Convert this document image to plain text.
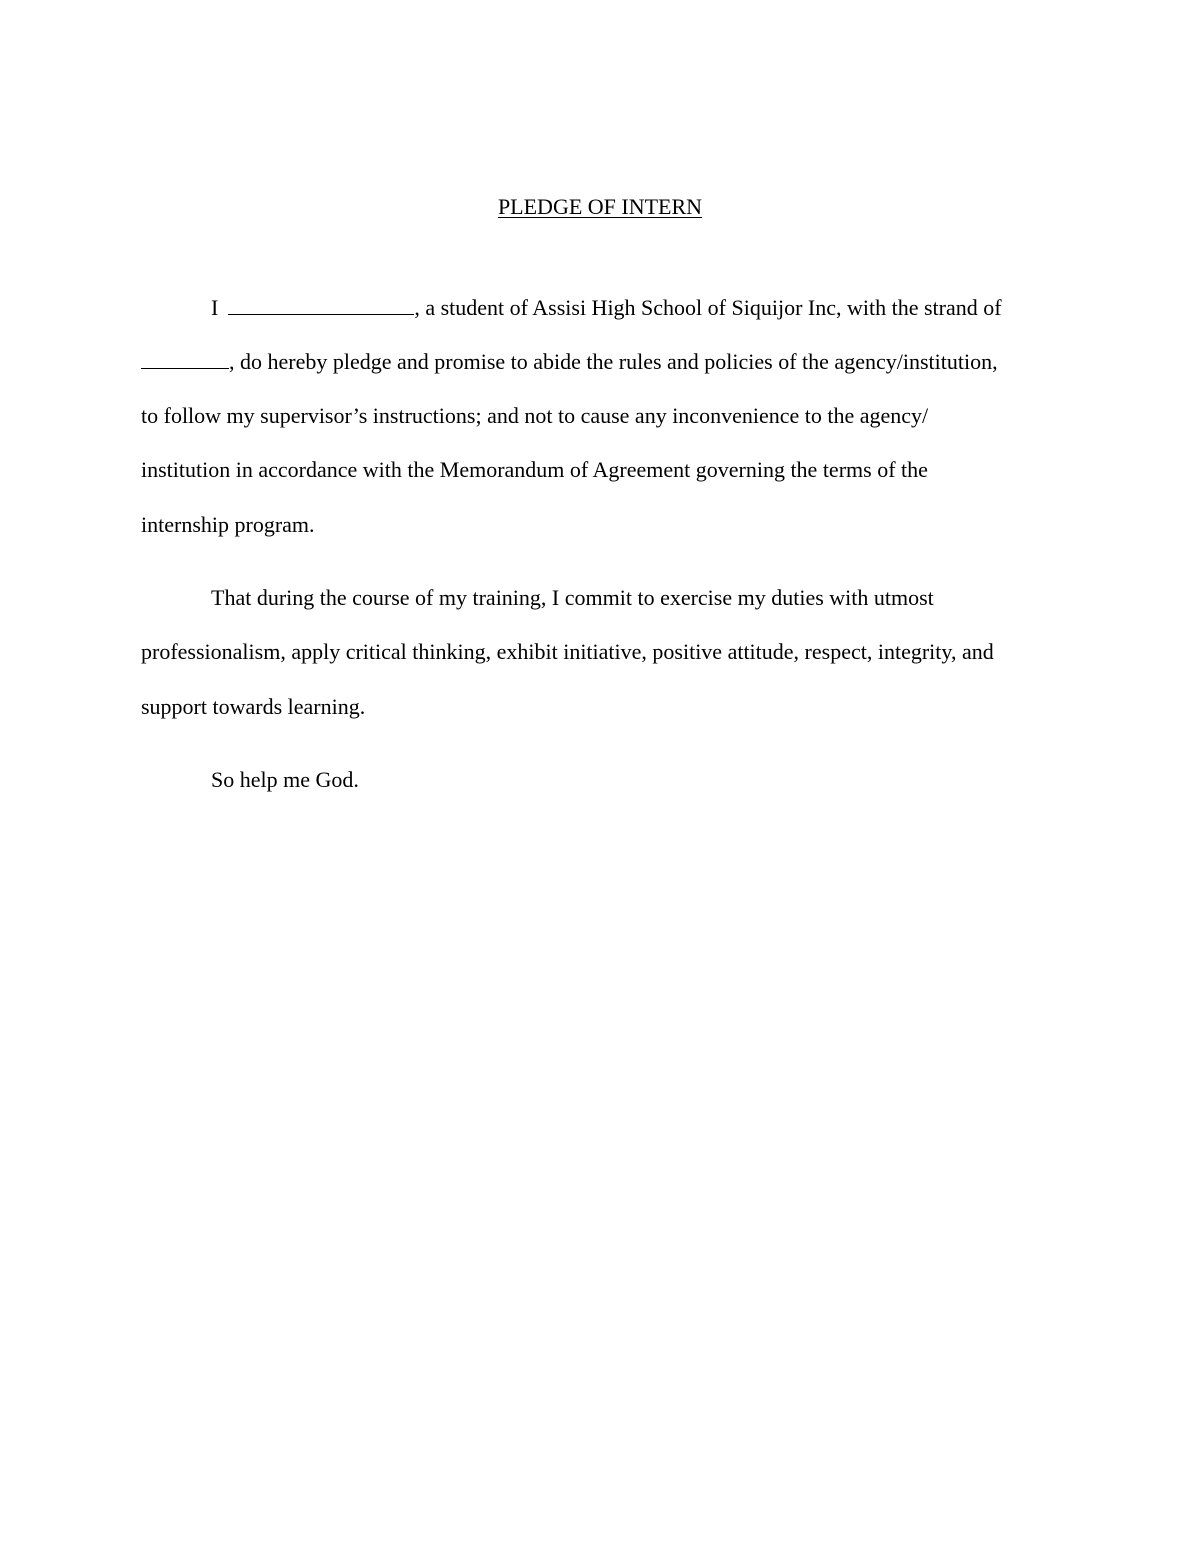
PLEDGE OF INTERN
I	, a student of Assisi High School of Siquijor Inc, with the strand of
, do hereby pledge and promise to abide the rules and policies of the agency/institution,
to follow my supervisor’s instructions; and not to cause any inconvenience to the agency/
institution in accordance with the Memorandum of Agreement governing the terms of the
internship program.
That during the course of my training, I commit to exercise my duties with utmost
professionalism, apply critical thinking, exhibit initiative, positive attitude, respect, integrity, and
support towards learning.
So help me God.
